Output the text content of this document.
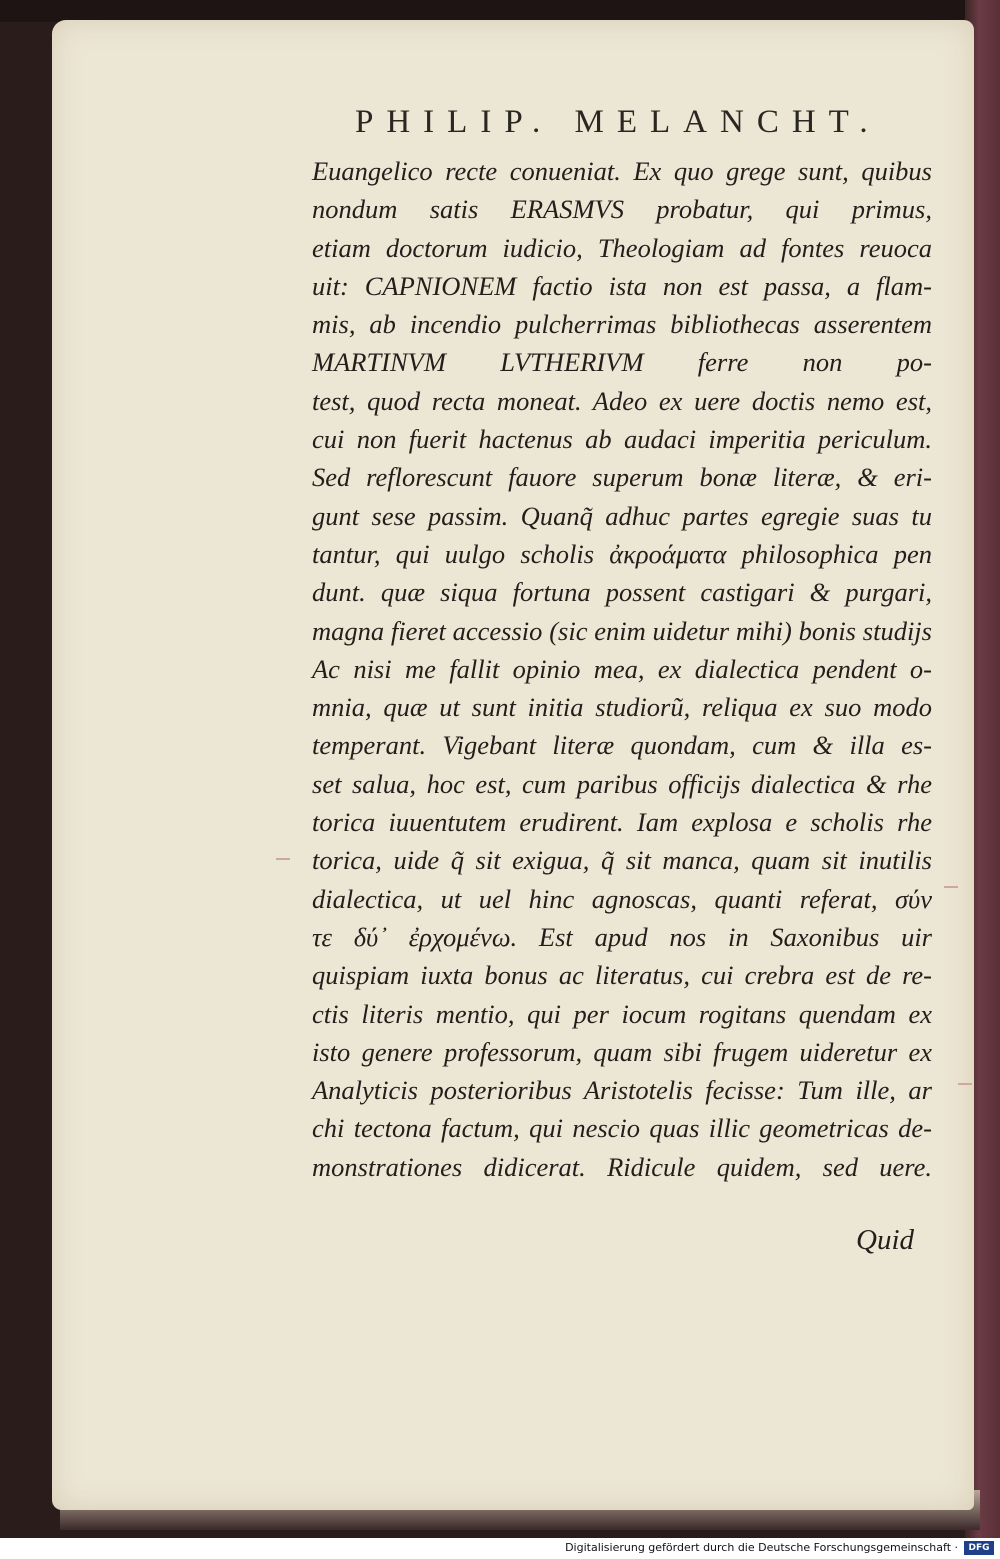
PHILIP. MELANCHT.
Euangelico recte conueniat. Ex quo grege sunt, quibus
nondum satis ERASMVS probatur, qui primus,
etiam doctorum iudicio, Theologiam ad fontes reuoca
uit: CAPNIONEM factio ista non est passa, a flam-
mis, ab incendio pulcherrimas bibliothecas asserentem
MARTINVM LVTHERIVM ferre non po-
test, quod recta moneat. Adeo ex uere doctis nemo est,
cui non fuerit hactenus ab audaci imperitia periculum.
Sed reflorescunt fauore superum bonæ literæ, & eri-
gunt sese passim. Quanq̃ adhuc partes egregie suas tu
tantur, qui uulgo scholis ἀκροάματα philosophica pen
dunt. quæ siqua fortuna possent castigari & purgari,
magna fieret accessio (sic enim uidetur mihi) bonis studijs
Ac nisi me fallit opinio mea, ex dialectica pendent o-
mnia, quæ ut sunt initia studiorũ, reliqua ex suo modo
temperant. Vigebant literæ quondam, cum & illa es-
set salua, hoc est, cum paribus officijs dialectica & rhe
torica iuuentutem erudirent. Iam explosa e scholis rhe
torica, uide q̃ sit exigua, q̃ sit manca, quam sit inutilis
dialectica, ut uel hinc agnoscas, quanti referat, σύν
τε δύ᾽ ἐρχομένω. Est apud nos in Saxonibus uir
quispiam iuxta bonus ac literatus, cui crebra est de re-
ctis literis mentio, qui per iocum rogitans quendam ex
isto genere professorum, quam sibi frugem uideretur ex
Analyticis posterioribus Aristotelis fecisse: Tum ille, ar
chi tectona factum, qui nescio quas illic geometricas de-
monstrationes didicerat. Ridicule quidem, sed uere.
Quid
Digitalisierung gefördert durch die Deutsche Forschungsgemeinschaft ·	DFG
